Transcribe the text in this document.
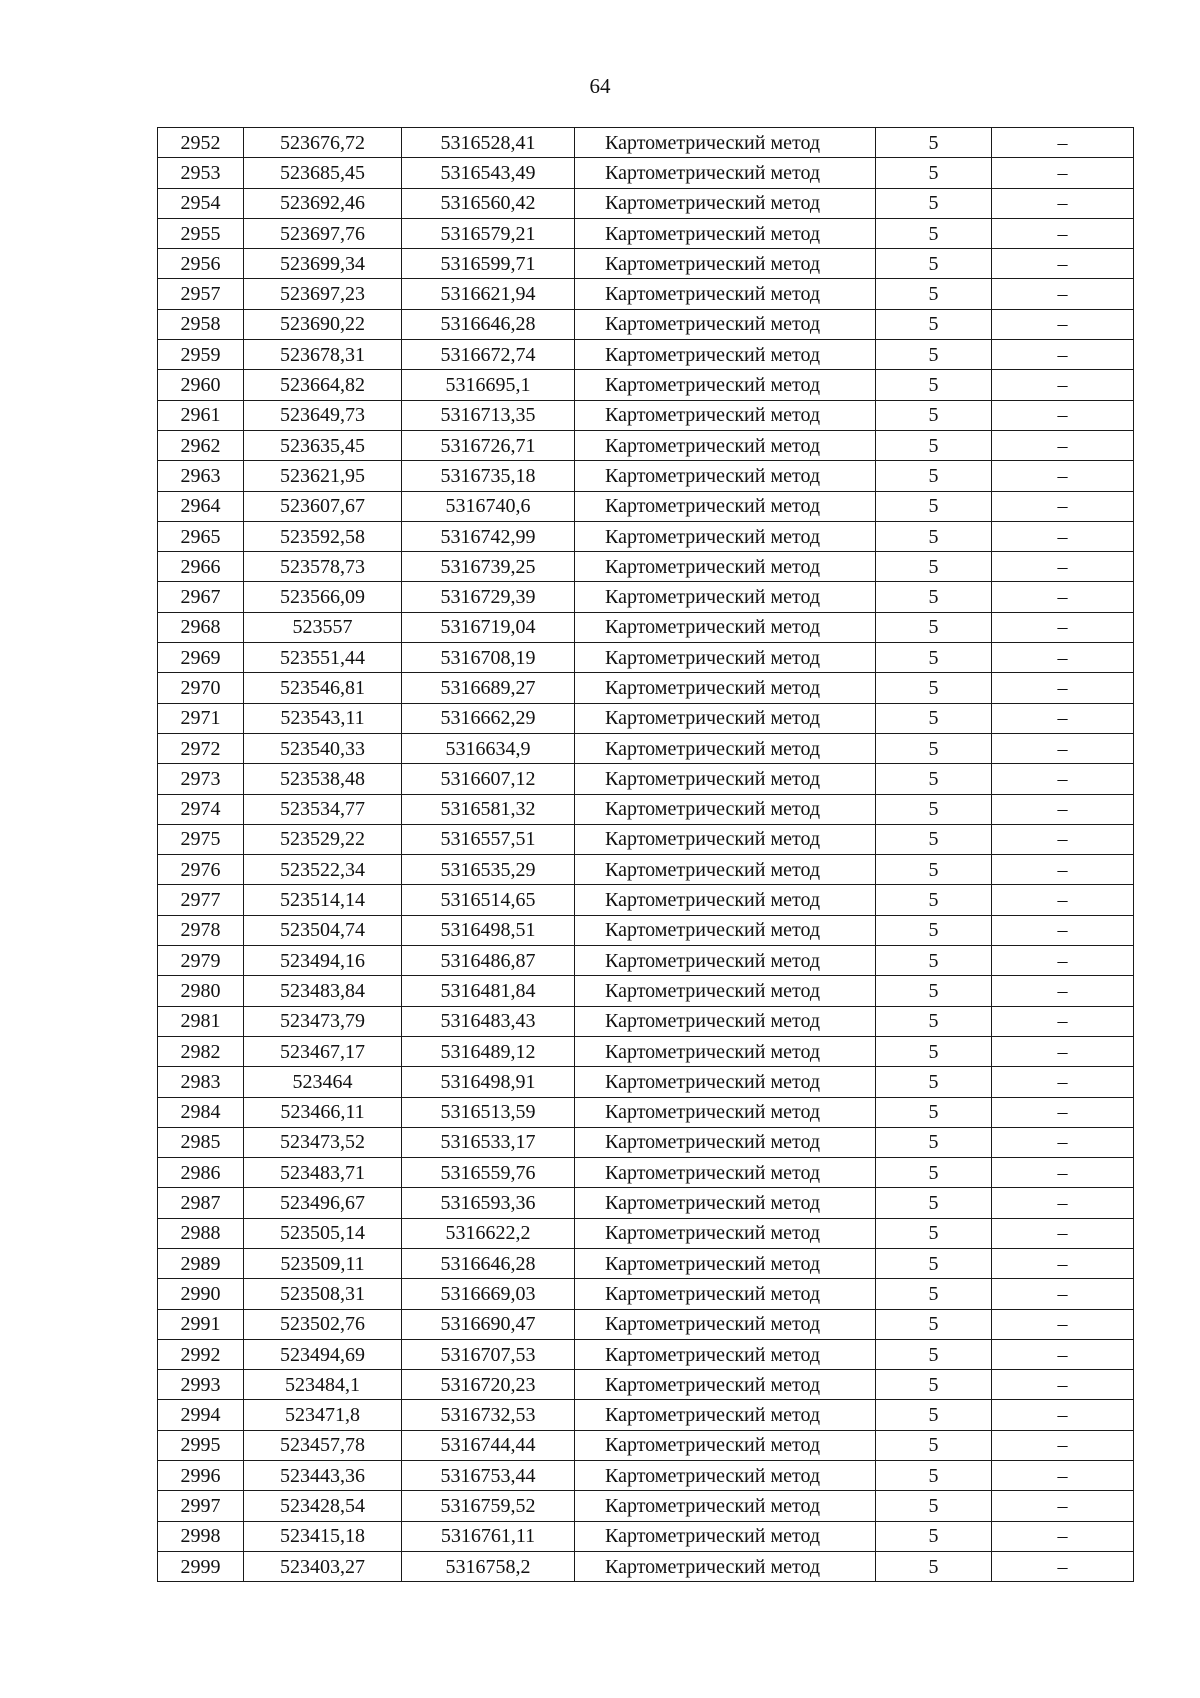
64
2952	523676,72	5316528,41	Картометрический метод	5	–
2953	523685,45	5316543,49	Картометрический метод	5	–
2954	523692,46	5316560,42	Картометрический метод	5	–
2955	523697,76	5316579,21	Картометрический метод	5	–
2956	523699,34	5316599,71	Картометрический метод	5	–
2957	523697,23	5316621,94	Картометрический метод	5	–
2958	523690,22	5316646,28	Картометрический метод	5	–
2959	523678,31	5316672,74	Картометрический метод	5	–
2960	523664,82	5316695,1	Картометрический метод	5	–
2961	523649,73	5316713,35	Картометрический метод	5	–
2962	523635,45	5316726,71	Картометрический метод	5	–
2963	523621,95	5316735,18	Картометрический метод	5	–
2964	523607,67	5316740,6	Картометрический метод	5	–
2965	523592,58	5316742,99	Картометрический метод	5	–
2966	523578,73	5316739,25	Картометрический метод	5	–
2967	523566,09	5316729,39	Картометрический метод	5	–
2968	523557	5316719,04	Картометрический метод	5	–
2969	523551,44	5316708,19	Картометрический метод	5	–
2970	523546,81	5316689,27	Картометрический метод	5	–
2971	523543,11	5316662,29	Картометрический метод	5	–
2972	523540,33	5316634,9	Картометрический метод	5	–
2973	523538,48	5316607,12	Картометрический метод	5	–
2974	523534,77	5316581,32	Картометрический метод	5	–
2975	523529,22	5316557,51	Картометрический метод	5	–
2976	523522,34	5316535,29	Картометрический метод	5	–
2977	523514,14	5316514,65	Картометрический метод	5	–
2978	523504,74	5316498,51	Картометрический метод	5	–
2979	523494,16	5316486,87	Картометрический метод	5	–
2980	523483,84	5316481,84	Картометрический метод	5	–
2981	523473,79	5316483,43	Картометрический метод	5	–
2982	523467,17	5316489,12	Картометрический метод	5	–
2983	523464	5316498,91	Картометрический метод	5	–
2984	523466,11	5316513,59	Картометрический метод	5	–
2985	523473,52	5316533,17	Картометрический метод	5	–
2986	523483,71	5316559,76	Картометрический метод	5	–
2987	523496,67	5316593,36	Картометрический метод	5	–
2988	523505,14	5316622,2	Картометрический метод	5	–
2989	523509,11	5316646,28	Картометрический метод	5	–
2990	523508,31	5316669,03	Картометрический метод	5	–
2991	523502,76	5316690,47	Картометрический метод	5	–
2992	523494,69	5316707,53	Картометрический метод	5	–
2993	523484,1	5316720,23	Картометрический метод	5	–
2994	523471,8	5316732,53	Картометрический метод	5	–
2995	523457,78	5316744,44	Картометрический метод	5	–
2996	523443,36	5316753,44	Картометрический метод	5	–
2997	523428,54	5316759,52	Картометрический метод	5	–
2998	523415,18	5316761,11	Картометрический метод	5	–
2999	523403,27	5316758,2	Картометрический метод	5	–
